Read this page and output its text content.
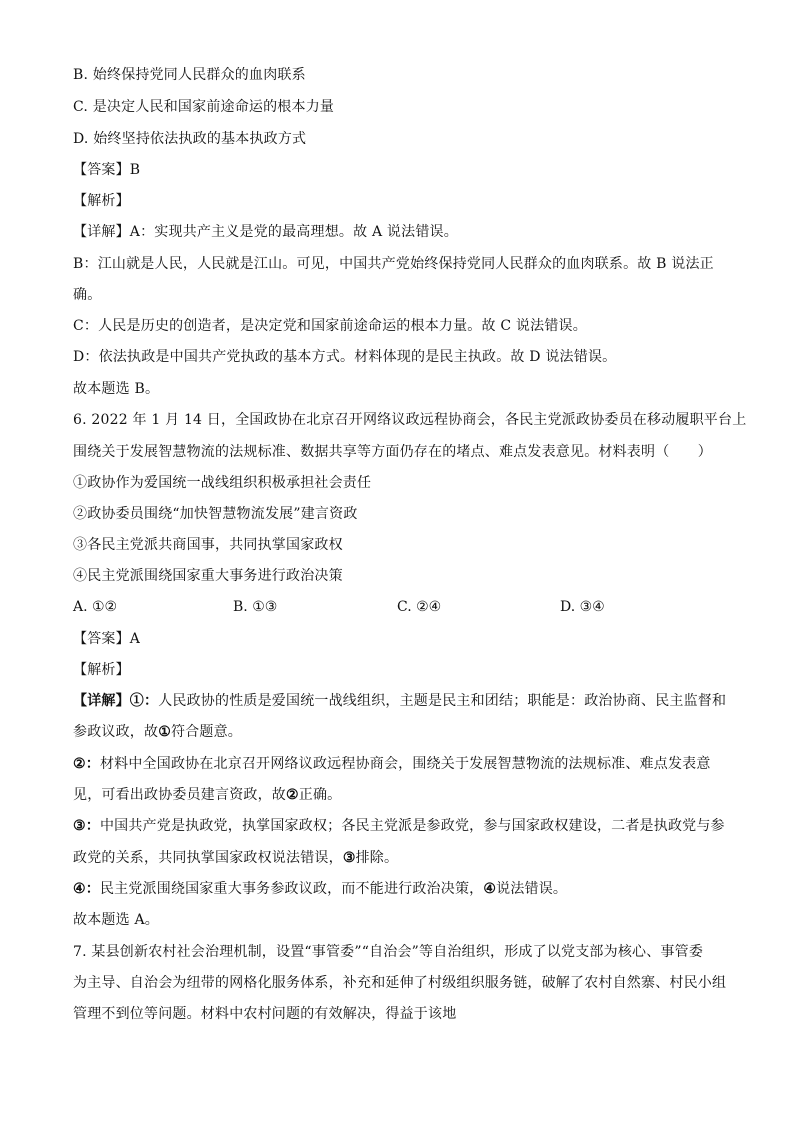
B. 始终保持党同人民群众的血肉联系
C. 是决定人民和国家前途命运的根本力量
D. 始终坚持依法执政的基本执政方式
【答案】B
【解析】
【详解】A：实现共产主义是党的最高理想。故 A 说法错误。
B：江山就是人民，人民就是江山。可见，中国共产党始终保持党同人民群众的血肉联系。故 B 说法正
确。
C：人民是历史的创造者，是决定党和国家前途命运的根本力量。故 C 说法错误。
D：依法执政是中国共产党执政的基本方式。材料体现的是民主执政。故 D 说法错误。
故本题选 B。
6. 2022 年 1 月 14 日，全国政协在北京召开网络议政远程协商会，各民主党派政协委员在移动履职平台上
围绕关于发展智慧物流的法规标准、数据共享等方面仍存在的堵点、难点发表意见。材料表明（　　）
①政协作为爱国统一战线组织积极承担社会责任
②政协委员围绕“加快智慧物流发展”建言资政
③各民主党派共商国事，共同执掌国家政权
④民主党派围绕国家重大事务进行政治决策
A. ①②	B. ①③	C. ②④	D. ③④
【答案】A
【解析】
【详解】①：人民政协的性质是爱国统一战线组织，主题是民主和团结；职能是：政治协商、民主监督和
参政议政，故①符合题意。
②：材料中全国政协在北京召开网络议政远程协商会，围绕关于发展智慧物流的法规标准、难点发表意
见，可看出政协委员建言资政，故②正确。
③：中国共产党是执政党，执掌国家政权；各民主党派是参政党，参与国家政权建设，二者是执政党与参
政党的关系，共同执掌国家政权说法错误，③排除。
④：民主党派围绕国家重大事务参政议政，而不能进行政治决策，④说法错误。
故本题选 A。
7. 某县创新农村社会治理机制，设置“事管委”“自治会”等自治组织，形成了以党支部为核心、事管委
为主导、自治会为纽带的网格化服务体系，补充和延伸了村级组织服务链，破解了农村自然寨、村民小组
管理不到位等问题。材料中农村问题的有效解决，得益于该地
